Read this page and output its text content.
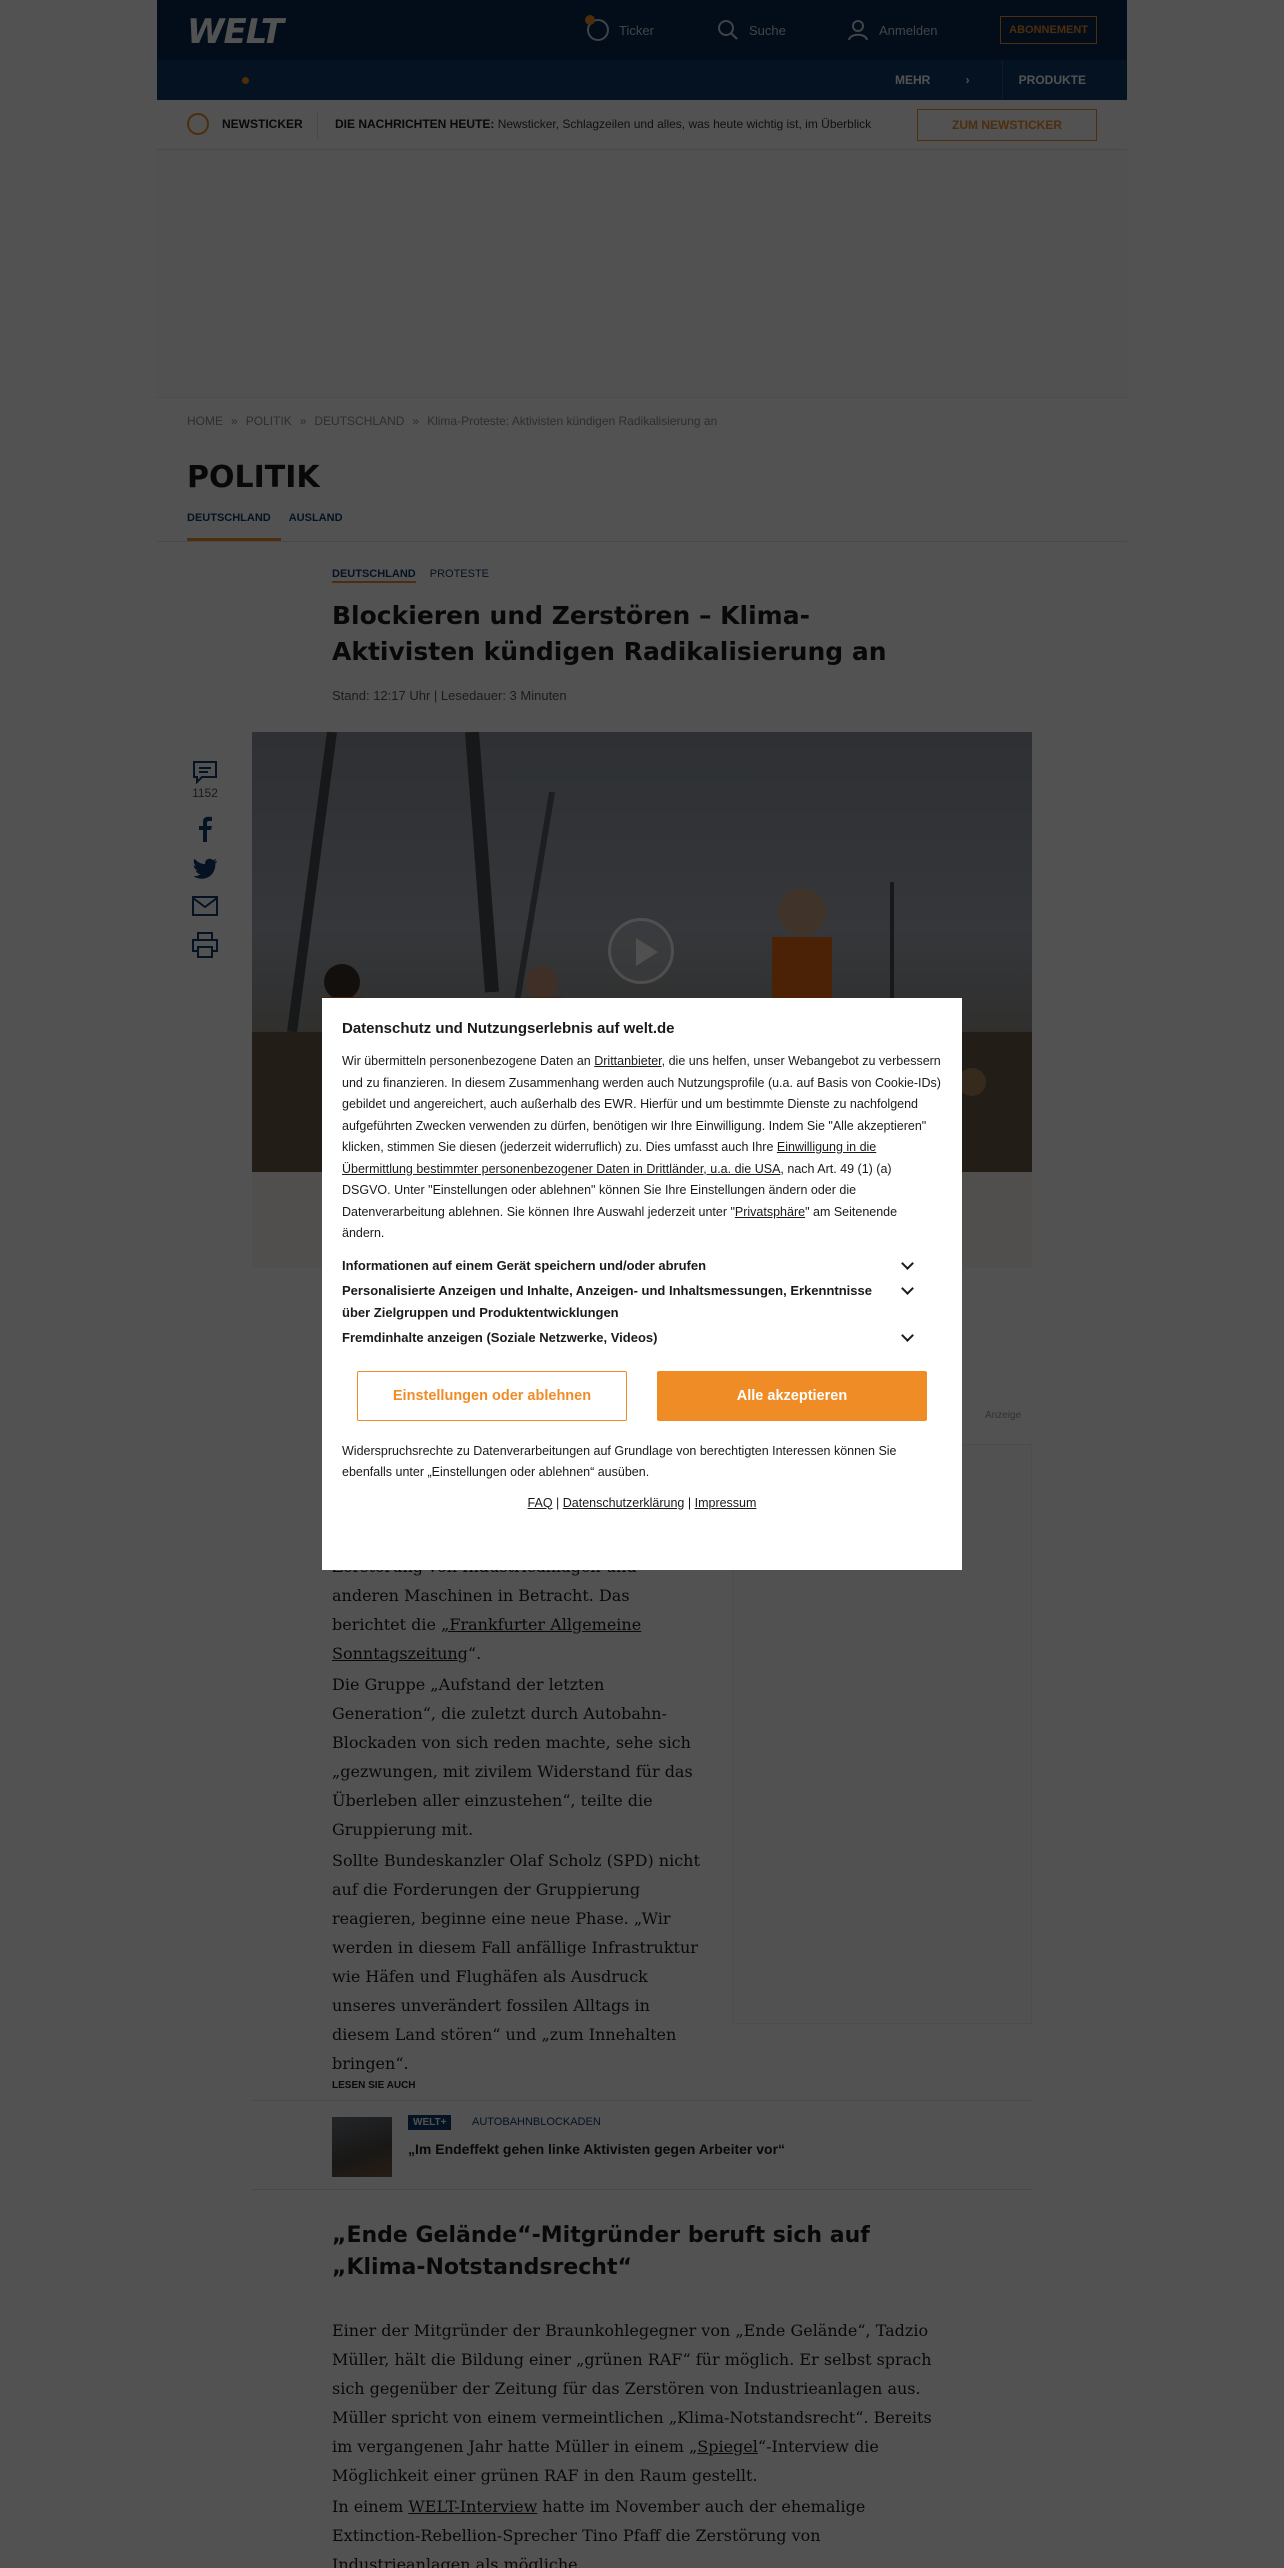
Datenschutz und Nutzungserlebnis auf welt.de

Wir übermitteln personenbezogene Daten an Drittanbieter, die uns helfen, unser Webangebot zu verbessern und zu finanzieren. In diesem Zusammenhang werden auch Nutzungsprofile (u.a. auf Basis von Cookie-IDs) gebildet und angereichert, auch außerhalb des EWR. Hierfür und um bestimmte Dienste zu nachfolgend aufgeführten Zwecken verwenden zu dürfen, benötigen wir Ihre Einwilligung. Indem Sie "Alle akzeptieren" klicken, stimmen Sie diesen (jederzeit widerruflich) zu. Dies umfasst auch Ihre Einwilligung in die Übermittlung bestimmter personenbezogener Daten in Drittländer, u.a. die USA, nach Art. 49 (1) (a) DSGVO. Unter "Einstellungen oder ablehnen" können Sie Ihre Einstellungen ändern oder die Datenverarbeitung ablehnen. Sie können Ihre Auswahl jederzeit unter "Privatsphäre" am Seitenende ändern.

Informationen auf einem Gerät speichern und/oder abrufen
Personalisierte Anzeigen und Inhalte, Anzeigen- und Inhaltsmessungen, Erkenntnisse über Zielgruppen und Produktentwicklungen
Fremdinhalte anzeigen (Soziale Netzwerke, Videos)
Einstellungen oder ablehnen	Alle akzeptieren

Widerspruchsrechte zu Datenverarbeitungen auf Grundlage von berechtigten Interessen können Sie ebenfalls unter „Einstellungen oder ablehnen“ ausüben.

FAQ | Datenschutzerklärung | Impressum
